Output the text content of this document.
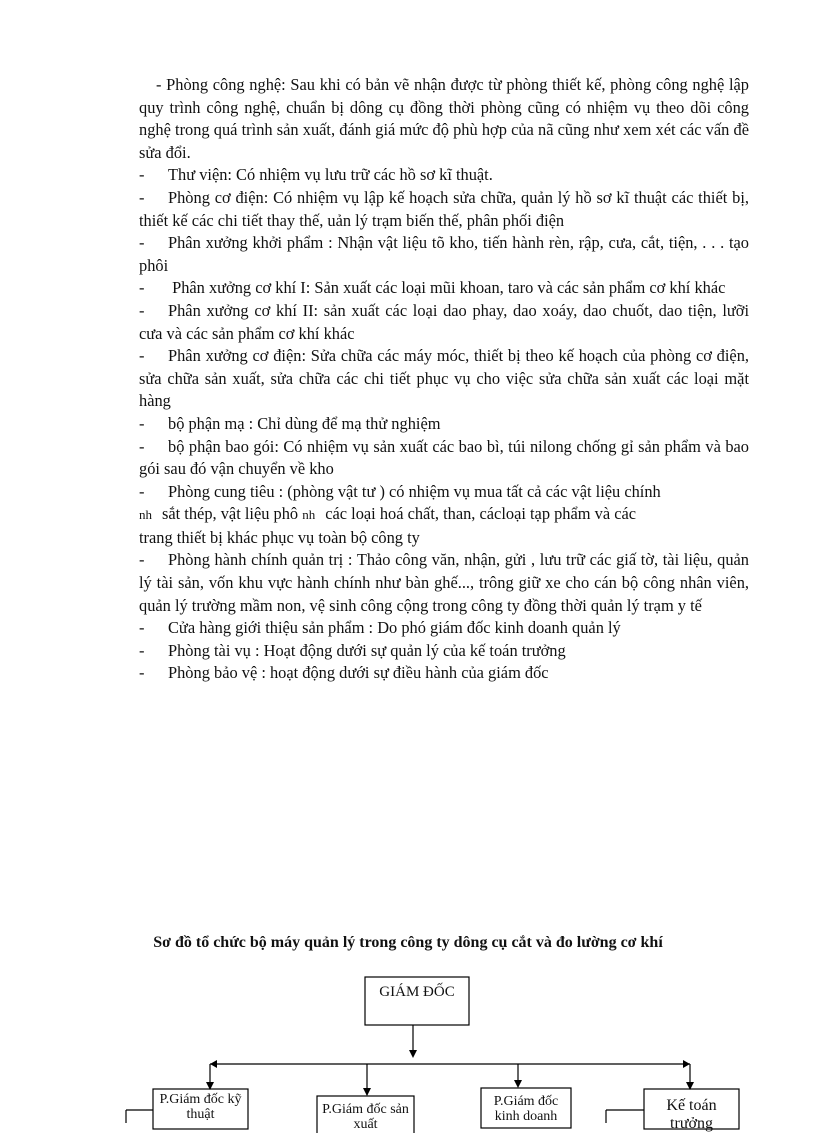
- Phòng công nghệ: Sau khi có bản vẽ nhận được từ phòng thiết kế, phòng công nghệ lập quy trình công nghệ, chuẩn bị dông cụ đồng thời phòng cũng có nhiệm vụ theo dõi công nghệ trong quá trình sản xuất, đánh giá mức độ phù hợp của nã cũng như xem xét các vấn đề sửa đổi.

- Thư viện: Có nhiệm vụ lưu trữ các hồ sơ kĩ thuật.

- Phòng cơ điện: Có nhiệm vụ lập kế hoạch sửa chữa, quản lý hồ sơ kĩ thuật các thiết bị, thiết kế các chi tiết thay thế, uản lý trạm biến thế, phân phối điện

- Phân xưởng khởi phẩm : Nhận vật liệu tõ kho, tiến hành rèn, rập, cưa, cắt, tiện, . . . tạo phôi

- Phân xưởng cơ khí I: Sản xuất các loại mũi khoan, taro và các sản phẩm cơ khí khác

- Phân xưởng cơ khí II: sản xuất các loại dao phay, dao xoáy, dao chuốt, dao tiện, lưỡi cưa và các sản phẩm cơ khí khác

- Phân xưởng cơ điện: Sửa chữa các máy móc, thiết bị theo kế hoạch của phòng cơ điện, sửa chữa sản xuất, sửa chữa các chi tiết phục vụ cho việc sửa chữa sản xuất các loại mặt hàng

- bộ phận mạ : Chỉ dùng để mạ thử nghiệm

- bộ phận bao gói: Có nhiệm vụ sản xuất các bao bì, túi nilong chống gỉ sản phẩm và bao gói sau đó vận chuyển về kho

- Phòng cung tiêu : (phòng vật tư ) có nhiệm vụ mua tất cả các vật liệu chính
nh sắt thép, vật liệu phô nh các loại hoá chất, than, cácloại tạp phẩm và các
trang thiết bị khác phục vụ toàn bộ công ty

- Phòng hành chính quản trị : Thảo công văn, nhận, gửi , lưu trữ các giấ tờ, tài liệu, quản lý tài sản, vốn khu vực hành chính như bàn ghế..., trông giữ xe cho cán bộ công nhân viên, quản lý trường mầm non, vệ sinh công cộng trong công ty đồng thời quản lý trạm y tế

- Cửa hàng giới thiệu sản phẩm : Do phó giám đốc kinh doanh quản lý

- Phòng tài vụ : Hoạt động dưới sự quản lý của kế toán trưởng

- Phòng bảo vệ : hoạt động dưới sự điều hành của giám đốc

Sơ đồ tổ chức bộ máy quản lý trong công ty dông cụ cắt và đo lường cơ khí
GIÁM ĐỐC
P.Giám đốc kỹ thuật	P.Giám đốc sản xuất
P.Giám đốc kinh doanh
Kế toán trưởng
